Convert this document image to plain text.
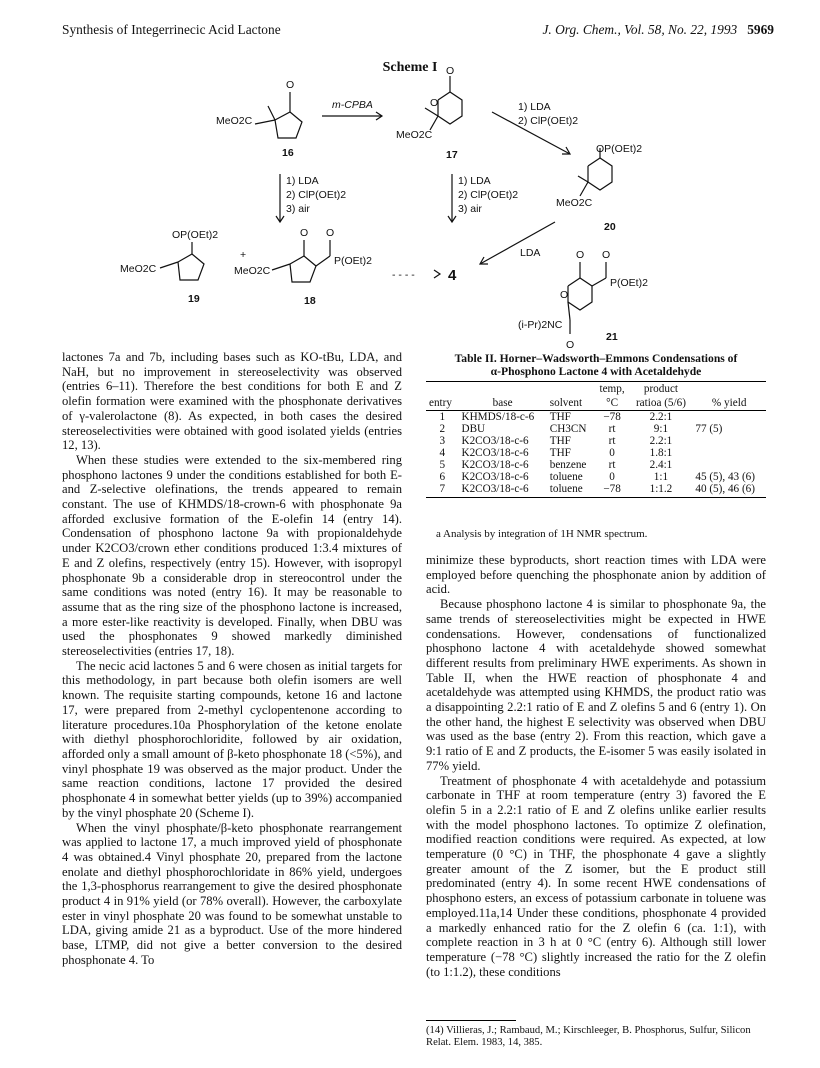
Synthesis of Integerrinecic Acid Lactone	J. Org. Chem., Vol. 58, No. 22, 1993 5969
Scheme I
O
MeO2C
16
m-CPBA
O
O
MeO2C
17
1) LDA
2) ClP(OEt)2
OP(OEt)2
MeO2C
20
1) LDA
2) ClP(OEt)2
3) air
1) LDA
2) ClP(OEt)2
3) air
OP(OEt)2
MeO2C
19
+
O O
P(OEt)2
MeO2C
18
- - - - 4
LDA	O O
P(OEt)2
O
(i-Pr)2NC
O
21

lactones 7a and 7b, including bases such as KO-tBu, LDA, and NaH, but no improvement in stereoselectivity was observed (entries 6–11). Therefore the best conditions for both E and Z olefin formation were examined with the phosphonate derivatives of γ-valerolactone (8). As expected, in both cases the desired stereoselectivities were obtained with good isolated yields (entries 12, 13).

When these studies were extended to the six-membered ring phosphono lactones 9 under the conditions established for both E- and Z-selective olefinations, the trends appeared to remain constant. The use of KHMDS/18-crown-6 with phosphonate 9a afforded exclusive formation of the E-olefin 14 (entry 14). Condensation of phosphono lactone 9a with propionaldehyde under K2CO3/crown ether conditions produced 1:3.4 mixtures of E and Z olefins, respectively (entry 15). However, with isopropyl phosphonate 9b a considerable drop in stereocontrol under the same conditions was noted (entry 16). It may be reasonable to assume that as the ring size of the phosphono lactone is increased, a more ester-like reactivity is developed. Finally, when DBU was used the phosphonates 9 showed markedly diminished stereoselectivities (entries 17, 18).

The necic acid lactones 5 and 6 were chosen as initial targets for this methodology, in part because both olefin isomers are well known. The requisite starting compounds, ketone 16 and lactone 17, were prepared from 2-methyl cyclopentenone according to literature procedures.10a Phosphorylation of the ketone enolate with diethyl phosphorochloridite, followed by air oxidation, afforded only a small amount of β-keto phosphonate 18 (<5%), and vinyl phosphate 19 was observed as the major product. Under the same reaction conditions, lactone 17 provided the desired phosphonate 4 in somewhat better yields (up to 39%) accompanied by the vinyl phosphate 20 (Scheme I).

When the vinyl phosphate/β-keto phosphonate rearrangement was applied to lactone 17, a much improved yield of phosphonate 4 was obtained.4 Vinyl phosphate 20, prepared from the lactone enolate and diethyl phosphorochloridate in 86% yield, undergoes the 1,3-phosphorus rearrangement to give the desired phosphonate product 4 in 91% yield (or 78% overall). However, the carboxylate ester in vinyl phosphate 20 was found to be somewhat unstable to LDA, giving amide 21 as a byproduct. Use of the more hindered base, LTMP, did not give a better conversion to the desired phosphonate 4. To

Table II. Horner–Wadsworth–Emmons Condensations of
α-Phosphono Lactone 4 with Acetaldehyde
			temp,	product	
entry	base	solvent	°C	ratioa (5/6)	% yield
1	KHMDS/18-c-6	THF	−78	2.2:1	
2	DBU	CH3CN	rt	9:1	77 (5)
3	K2CO3/18-c-6	THF	rt	2.2:1	
4	K2CO3/18-c-6	THF	0	1.8:1	
5	K2CO3/18-c-6	benzene	rt	2.4:1	
6	K2CO3/18-c-6	toluene	0	1:1	45 (5), 43 (6)
7	K2CO3/18-c-6	toluene	−78	1:1.2	40 (5), 46 (6)
a Analysis by integration of 1H NMR spectrum.

minimize these byproducts, short reaction times with LDA were employed before quenching the phosphonate anion by addition of acid.

Because phosphono lactone 4 is similar to phosphonate 9a, the same trends of stereoselectivities might be expected in HWE condensations. However, condensations of functionalized phosphono lactone 4 with acetaldehyde showed somewhat different results from preliminary HWE experiments. As shown in Table II, when the HWE reaction of phosphonate 4 and acetaldehyde was attempted using KHMDS, the product ratio was a disappointing 2.2:1 ratio of E and Z olefins 5 and 6 (entry 1). On the other hand, the highest E selectivity was observed when DBU was used as the base (entry 2). From this reaction, which gave a 9:1 ratio of E and Z products, the E-isomer 5 was easily isolated in 77% yield.

Treatment of phosphonate 4 with acetaldehyde and potassium carbonate in THF at room temperature (entry 3) favored the E olefin 5 in a 2.2:1 ratio of E and Z olefins unlike earlier results with the model phosphono lactones. To optimize Z olefination, modified reaction conditions were required. As expected, at low temperature (0 °C) in THF, the phosphonate 4 gave a slightly greater amount of the Z isomer, but the E product still predominated (entry 4). In some recent HWE condensations of phosphono esters, an excess of potassium carbonate in toluene was employed.11a,14 Under these conditions, phosphonate 4 provided a markedly enhanced ratio for the Z olefin 6 (ca. 1:1), with complete reaction in 3 h at 0 °C (entry 6). Although still lower temperature (−78 °C) slightly increased the ratio for the Z olefin (to 1:1.2), these conditions

(14) Villieras, J.; Rambaud, M.; Kirschleeger, B. Phosphorus, Sulfur, Silicon Relat. Elem. 1983, 14, 385.
